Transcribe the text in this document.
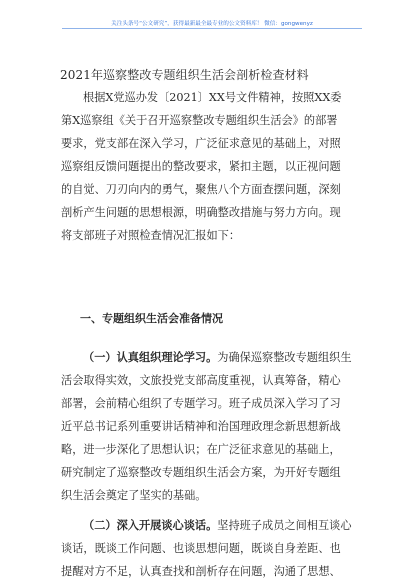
关注头条号“公文研究”，获得最新最全最专业的公文资料库！ 微信：gongwenyz
2021年巡察整改专题组织生活会剖析检查材料
根据X党巡办发〔2021〕XX号文件精神，按照XX委
第X巡察组《关于召开巡察整改专题组织生活会》的部署
要求，党支部在深入学习，广泛征求意见的基础上，对照
巡察组反馈问题提出的整改要求，紧扣主题，以正视问题
的自觉、刀刃向内的勇气，聚焦八个方面查摆问题，深刻
剖析产生问题的思想根源，明确整改措施与努力方向。现
将支部班子对照检查情况汇报如下：
一、专题组织生活会准备情况
（一）认真组织理论学习。为确保巡察整改专题组织生
活会取得实效，文旅投党支部高度重视，认真筹备，精心
部署，会前精心组织了专题学习。班子成员深入学习了习
近平总书记系列重要讲话精神和治国理政理念新思想新战
略，进一步深化了思想认识；在广泛征求意见的基础上，
研究制定了巡察整改专题组织生活会方案，为开好专题组
织生活会奠定了坚实的基础。
（二）深入开展谈心谈话。坚持班子成员之间相互谈心
谈话，既谈工作问题、也谈思想问题，既谈自身差距、也
提醒对方不足，认真查找和剖析存在问题，沟通了思想、
